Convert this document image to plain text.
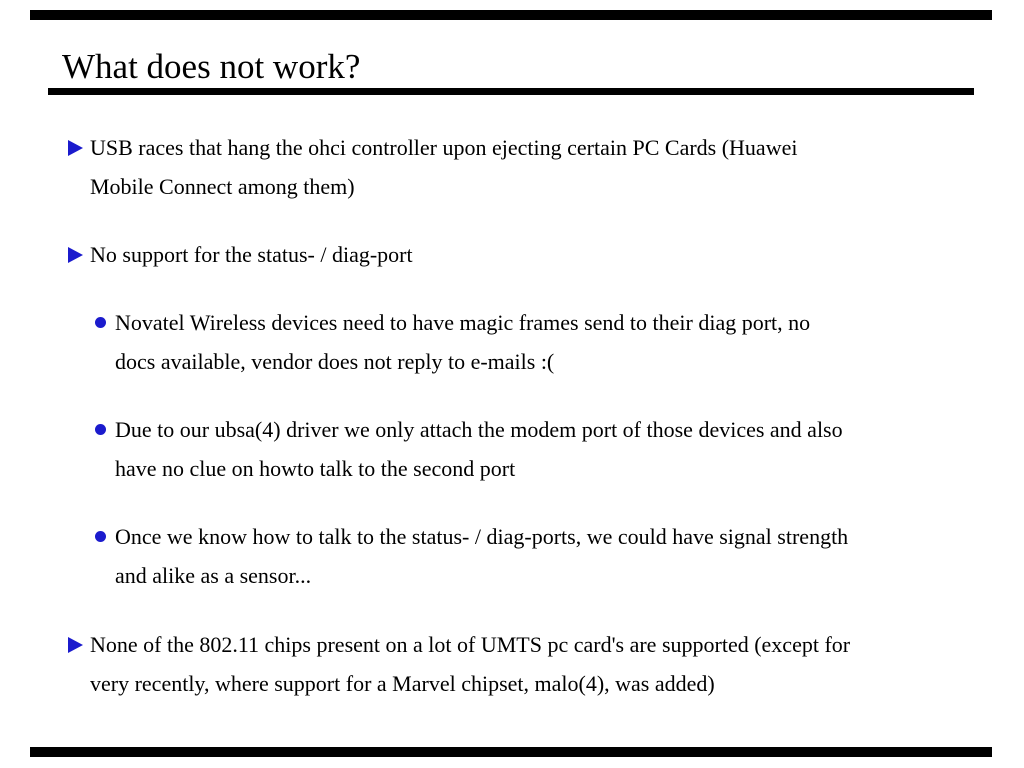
What does not work?
USB races that hang the ohci controller upon ejecting certain PC Cards (Huawei
Mobile Connect among them)
No support for the status- / diag-port
Novatel Wireless devices need to have magic frames send to their diag port, no
docs available, vendor does not reply to e-mails :(
Due to our ubsa(4) driver we only attach the modem port of those devices and also
have no clue on howto talk to the second port
Once we know how to talk to the status- / diag-ports, we could have signal strength
and alike as a sensor...
None of the 802.11 chips present on a lot of UMTS pc card's are supported (except for
very recently, where support for a Marvel chipset, malo(4), was added)
